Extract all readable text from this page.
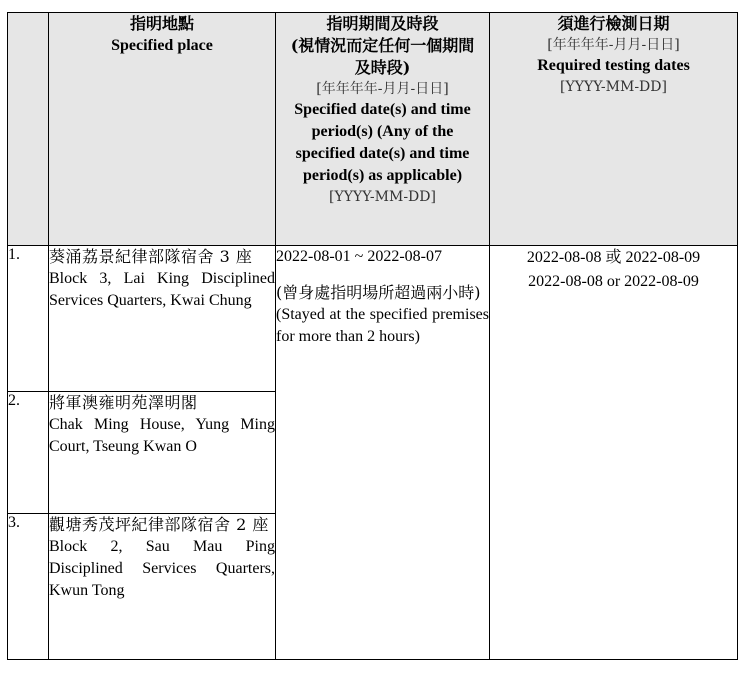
	指明地點
Specified place	指明期間及時段
(視情況而定任何一個期間及時段)
[年年年年-月月-日日]
Specified date(s) and time period(s) (Any of the specified date(s) and time period(s) as applicable)
[YYYY-MM-DD]	須進行檢測日期
[年年年年-月月-日日]
Required testing dates
[YYYY-MM-DD]

1.	葵涌荔景紀律部隊宿舍 3 座
Block 3, Lai King Disciplined Services Quarters, Kwai Chung	2022-08-01 ~ 2022-08-07
(曾身處指明場所超過兩小時)
(Stayed at the specified premises for more than 2 hours)	2022-08-08 或 2022-08-09
2022-08-08 or 2022-08-09

2.	將軍澳雍明苑澤明閣
Chak Ming House, Yung Ming Court, Tseung Kwan O		

3.	觀塘秀茂坪紀律部隊宿舍 2 座
Block 2, Sau Mau Ping Disciplined Services Quarters, Kwun Tong		
